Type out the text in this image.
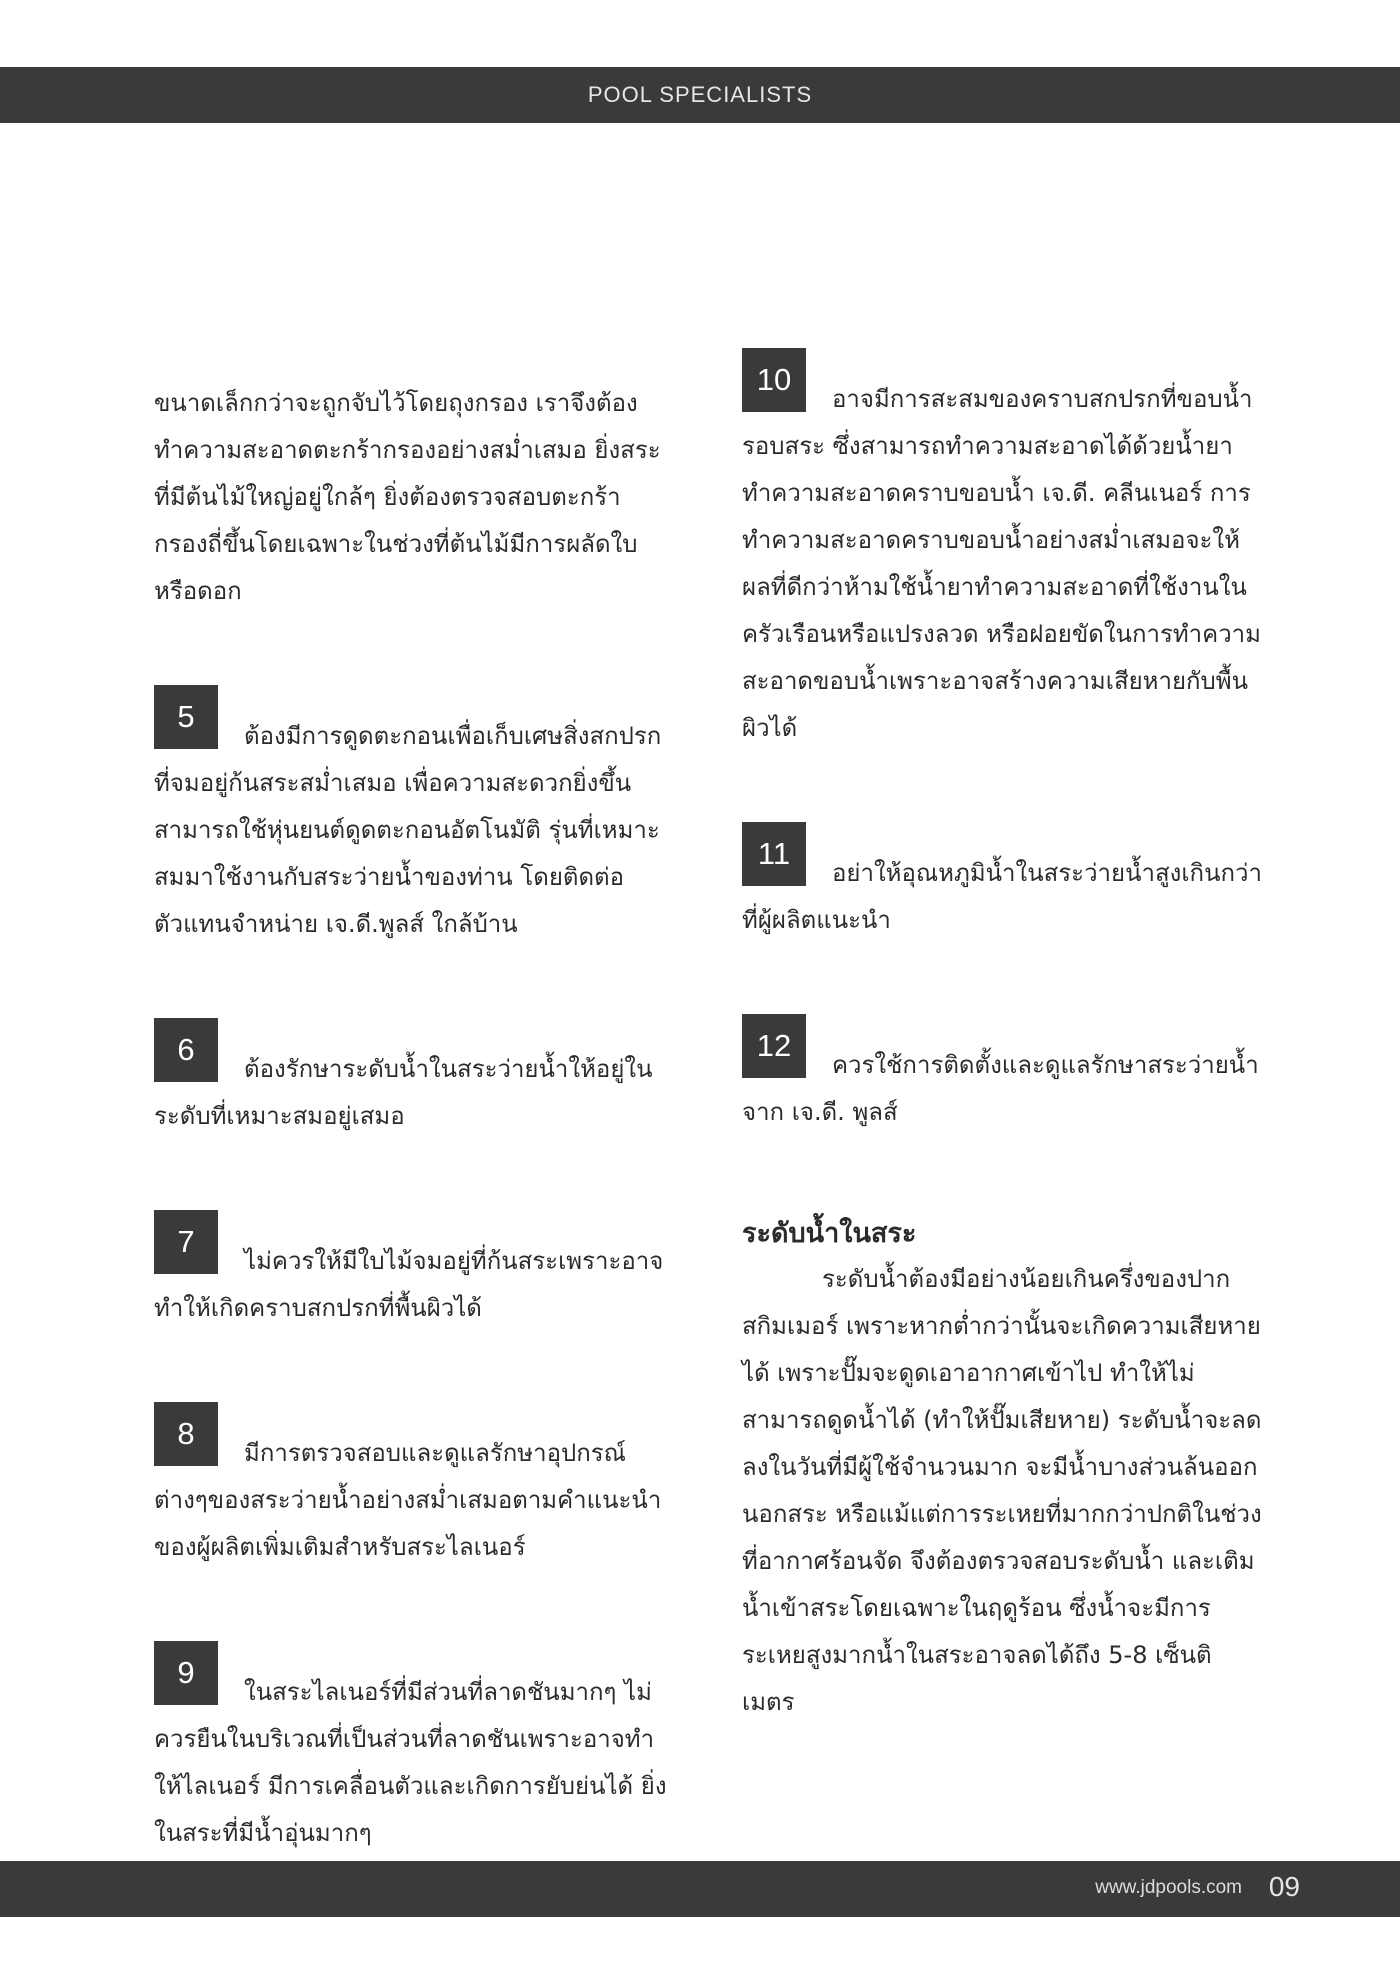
POOL SPECIALISTS

ขนาดเล็กกว่าจะถูกจับไว้โดยถุงกรอง เราจึงต้องทำความสะอาดตะกร้ากรองอย่างสม่ำเสมอ ยิ่งสระที่มีต้นไม้ใหญ่อยู่ใกล้ๆ ยิ่งต้องตรวจสอบตะกร้ากรองถี่ขึ้นโดยเฉพาะในช่วงที่ต้นไม้มีการผลัดใบ หรือดอก

5

ต้องมีการดูดตะกอนเพื่อเก็บเศษสิ่งสกปรกที่จมอยู่ก้นสระสม่ำเสมอ เพื่อความสะดวกยิ่งขึ้น สามารถใช้หุ่นยนต์ดูดตะกอนอัตโนมัติ รุ่นที่เหมาะสมมาใช้งานกับสระว่ายน้ำของท่าน โดยติดต่อตัวแทนจำหน่าย เจ.ดี.พูลส์ ใกล้บ้าน

6

ต้องรักษาระดับน้ำในสระว่ายน้ำให้อยู่ในระดับที่เหมาะสมอยู่เสมอ

7

ไม่ควรให้มีใบไม้จมอยู่ที่ก้นสระเพราะอาจทำให้เกิดคราบสกปรกที่พื้นผิวได้

8

มีการตรวจสอบและดูแลรักษาอุปกรณ์ต่างๆของสระว่ายน้ำอย่างสม่ำเสมอตามคำแนะนำของผู้ผลิตเพิ่มเติมสำหรับสระไลเนอร์

9

ในสระไลเนอร์ที่มีส่วนที่ลาดชันมากๆ ไม่ควรยืนในบริเวณที่เป็นส่วนที่ลาดชันเพราะอาจทำให้ไลเนอร์ มีการเคลื่อนตัวและเกิดการยับย่นได้ ยิ่งในสระที่มีน้ำอุ่นมากๆ

10

อาจมีการสะสมของคราบสกปรกที่ขอบน้ำรอบสระ ซึ่งสามารถทำความสะอาดได้ด้วยน้ำยาทำความสะอาดคราบขอบน้ำ เจ.ดี. คลีนเนอร์ การทำความสะอาดคราบขอบน้ำอย่างสม่ำเสมอจะให้ผลที่ดีกว่าห้ามใช้น้ำยาทำความสะอาดที่ใช้งานในครัวเรือนหรือแปรงลวด หรือฝอยขัดในการทำความสะอาดขอบน้ำเพราะอาจสร้างความเสียหายกับพื้นผิวได้

11

อย่าให้อุณหภูมิน้ำในสระว่ายน้ำสูงเกินกว่าที่ผู้ผลิตแนะนำ

12

ควรใช้การติดตั้งและดูแลรักษาสระว่ายน้ำ จาก เจ.ดี. พูลส์

ระดับน้ำในสระ

ระดับน้ำต้องมีอย่างน้อยเกินครึ่งของปากสกิมเมอร์ เพราะหากต่ำกว่านั้นจะเกิดความเสียหายได้ เพราะปั๊มจะดูดเอาอากาศเข้าไป ทำให้ไม่สามารถดูดน้ำได้ (ทำให้ปั๊มเสียหาย) ระดับน้ำจะลดลงในวันที่มีผู้ใช้จำนวนมาก จะมีน้ำบางส่วนล้นออกนอกสระ หรือแม้แต่การระเหยที่มากกว่าปกติในช่วงที่อากาศร้อนจัด จึงต้องตรวจสอบระดับน้ำ และเติมน้ำเข้าสระโดยเฉพาะในฤดูร้อน ซึ่งน้ำจะมีการระเหยสูงมากน้ำในสระอาจลดได้ถึง 5-8 เซ็นติเมตร

www.jdpools.com 09
